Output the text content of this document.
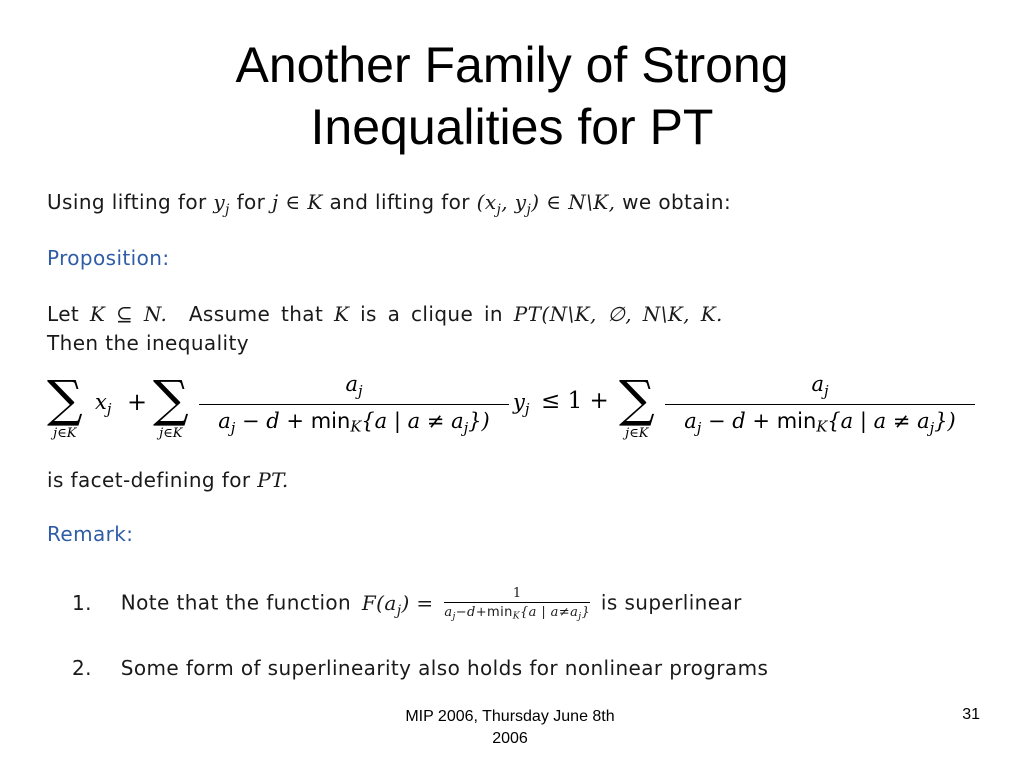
Another Family of Strong
Inequalities for PT
Using lifting for $y_j$ for j ∈ K and lifting for ($x_j$, $y_j$) ∈ N\K, we obtain:
Proposition:
Let K ⊆ N. Assume that K is a clique in PT(N\K, ∅, N\K, K.
Then the inequality
∑
j∈K
$x_j$ + ∑
j∈K
$a_j$
$a_j - d + \min K\{a$ | $a \ne a_j$})
$y_j \le 1$ + ∑
j∈K
$a_j$
$a_j - d + \min K\{a$ | $a \ne a_j$})
is facet-defining for PT.
Remark:
1. Note that the function $F(a_j) = \frac{1}{a_j-d+\min K\{a | a\ne a_j\}}$ is superlinear
2. Some form of superlinearity also holds for nonlinear programs
MIP 2006, Thursday June 8th
2006
31
